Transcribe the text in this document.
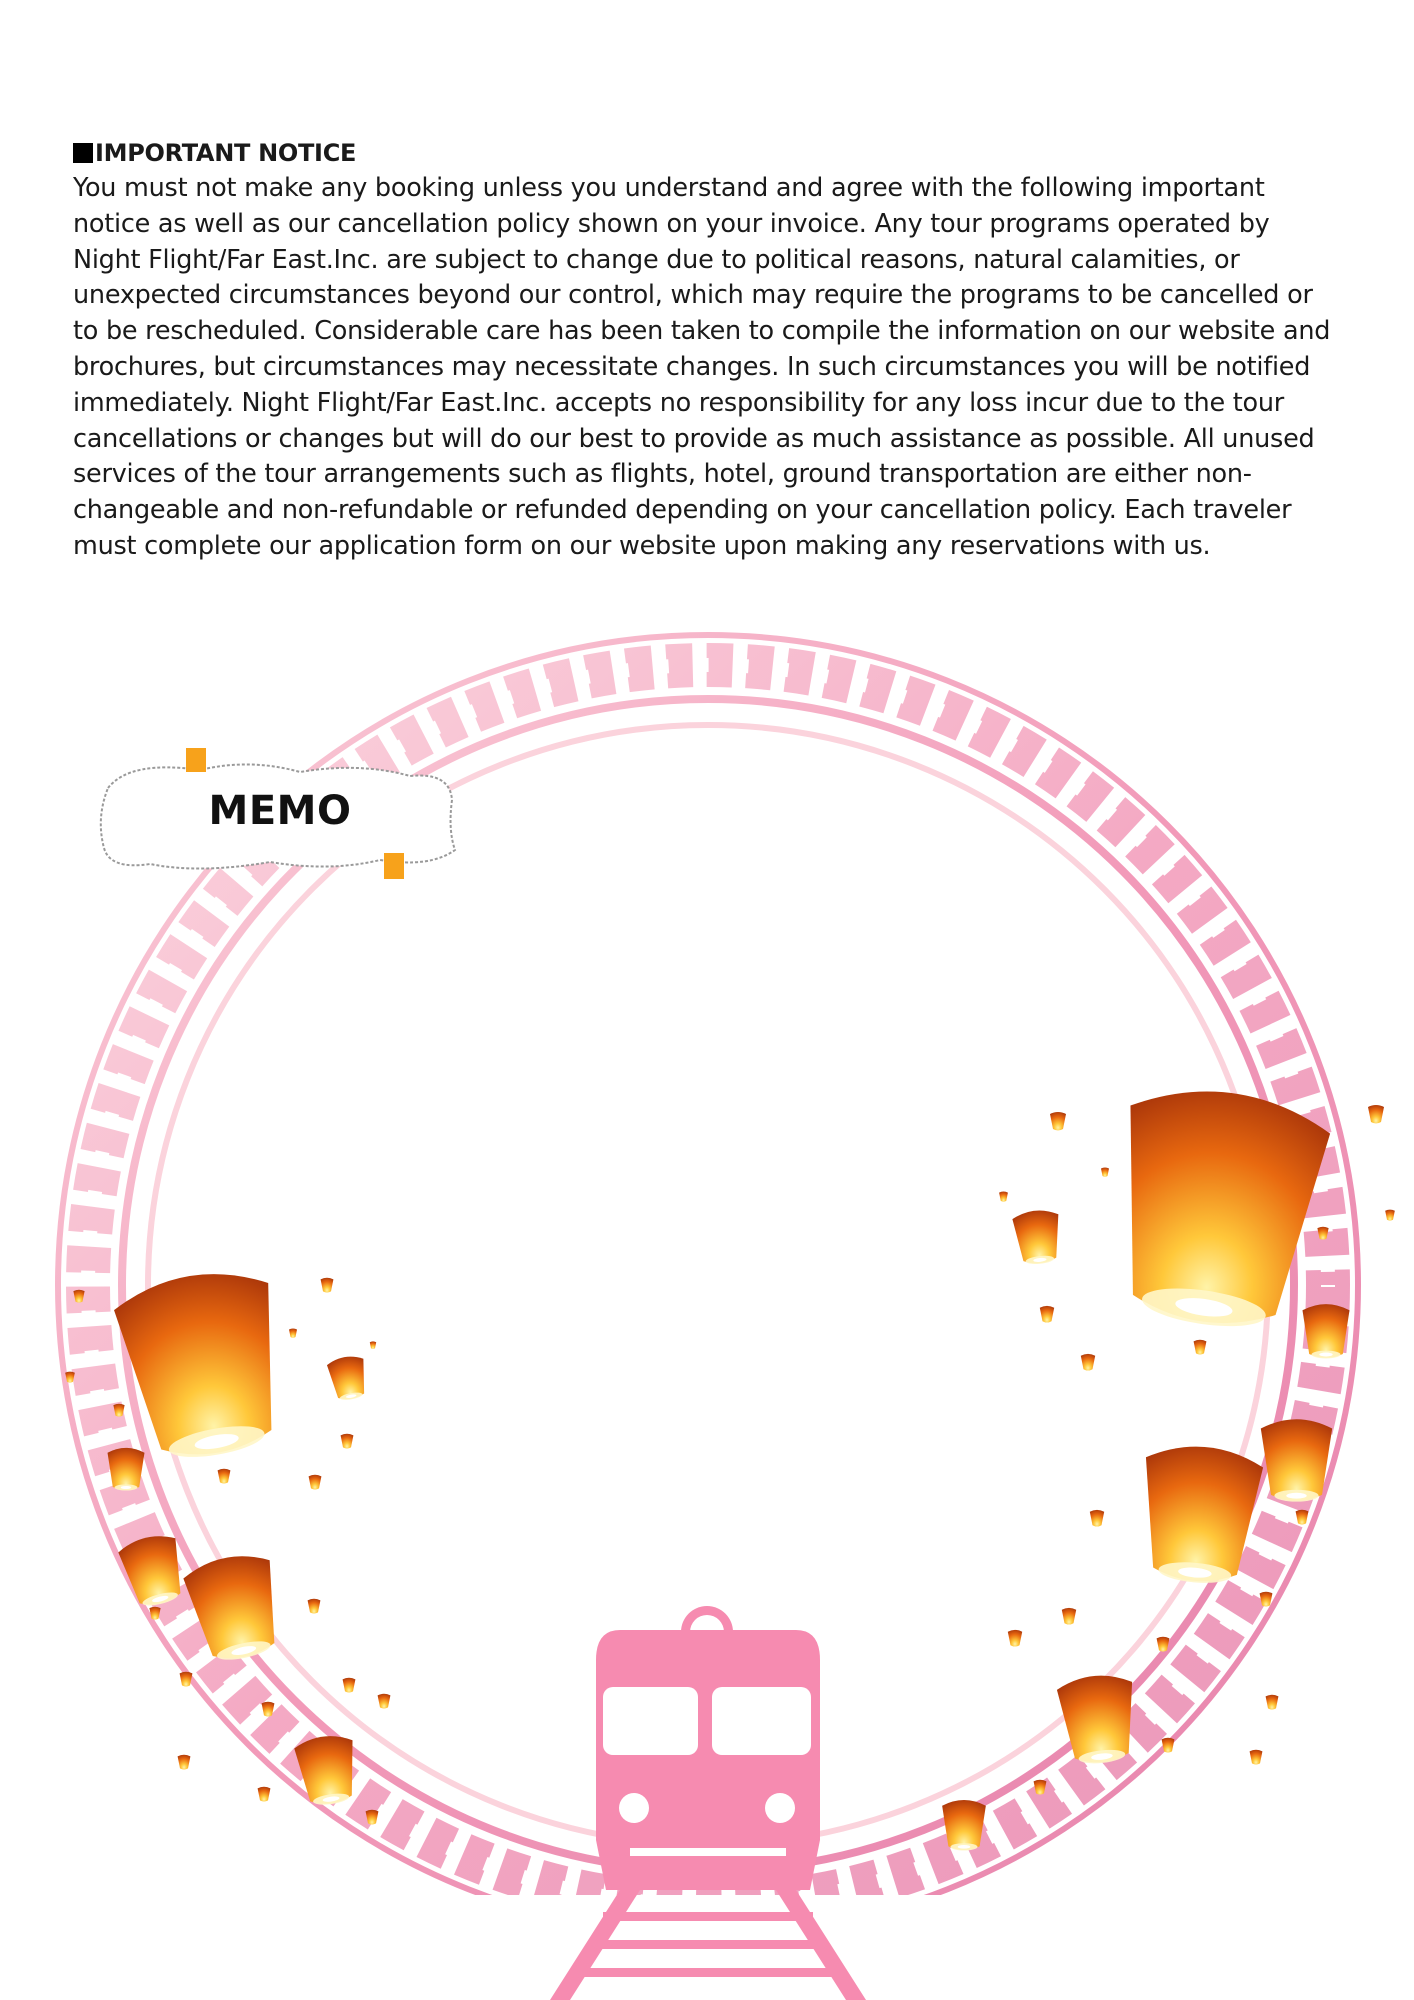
IMPORTANT NOTICE

You must not make any booking unless you understand and agree with the following important notice as well as our cancellation policy shown on your invoice. Any tour programs operated by Night Flight/Far East.Inc. are subject to change due to political reasons, natural calamities, or unexpected circumstances beyond our control, which may require the programs to be cancelled or to be rescheduled. Considerable care has been taken to compile the information on our website and brochures, but circumstances may necessitate changes. In such circumstances you will be notified immediately. Night Flight/Far East.Inc. accepts no responsibility for any loss incur due to the tour cancellations or changes but will do our best to provide as much assistance as possible. All unused services of the tour arrangements such as flights, hotel, ground transportation are either non-changeable and non-refundable or refunded depending on your cancellation policy. Each traveler must complete our application form on our website upon making any reservations with us.

MEMO
